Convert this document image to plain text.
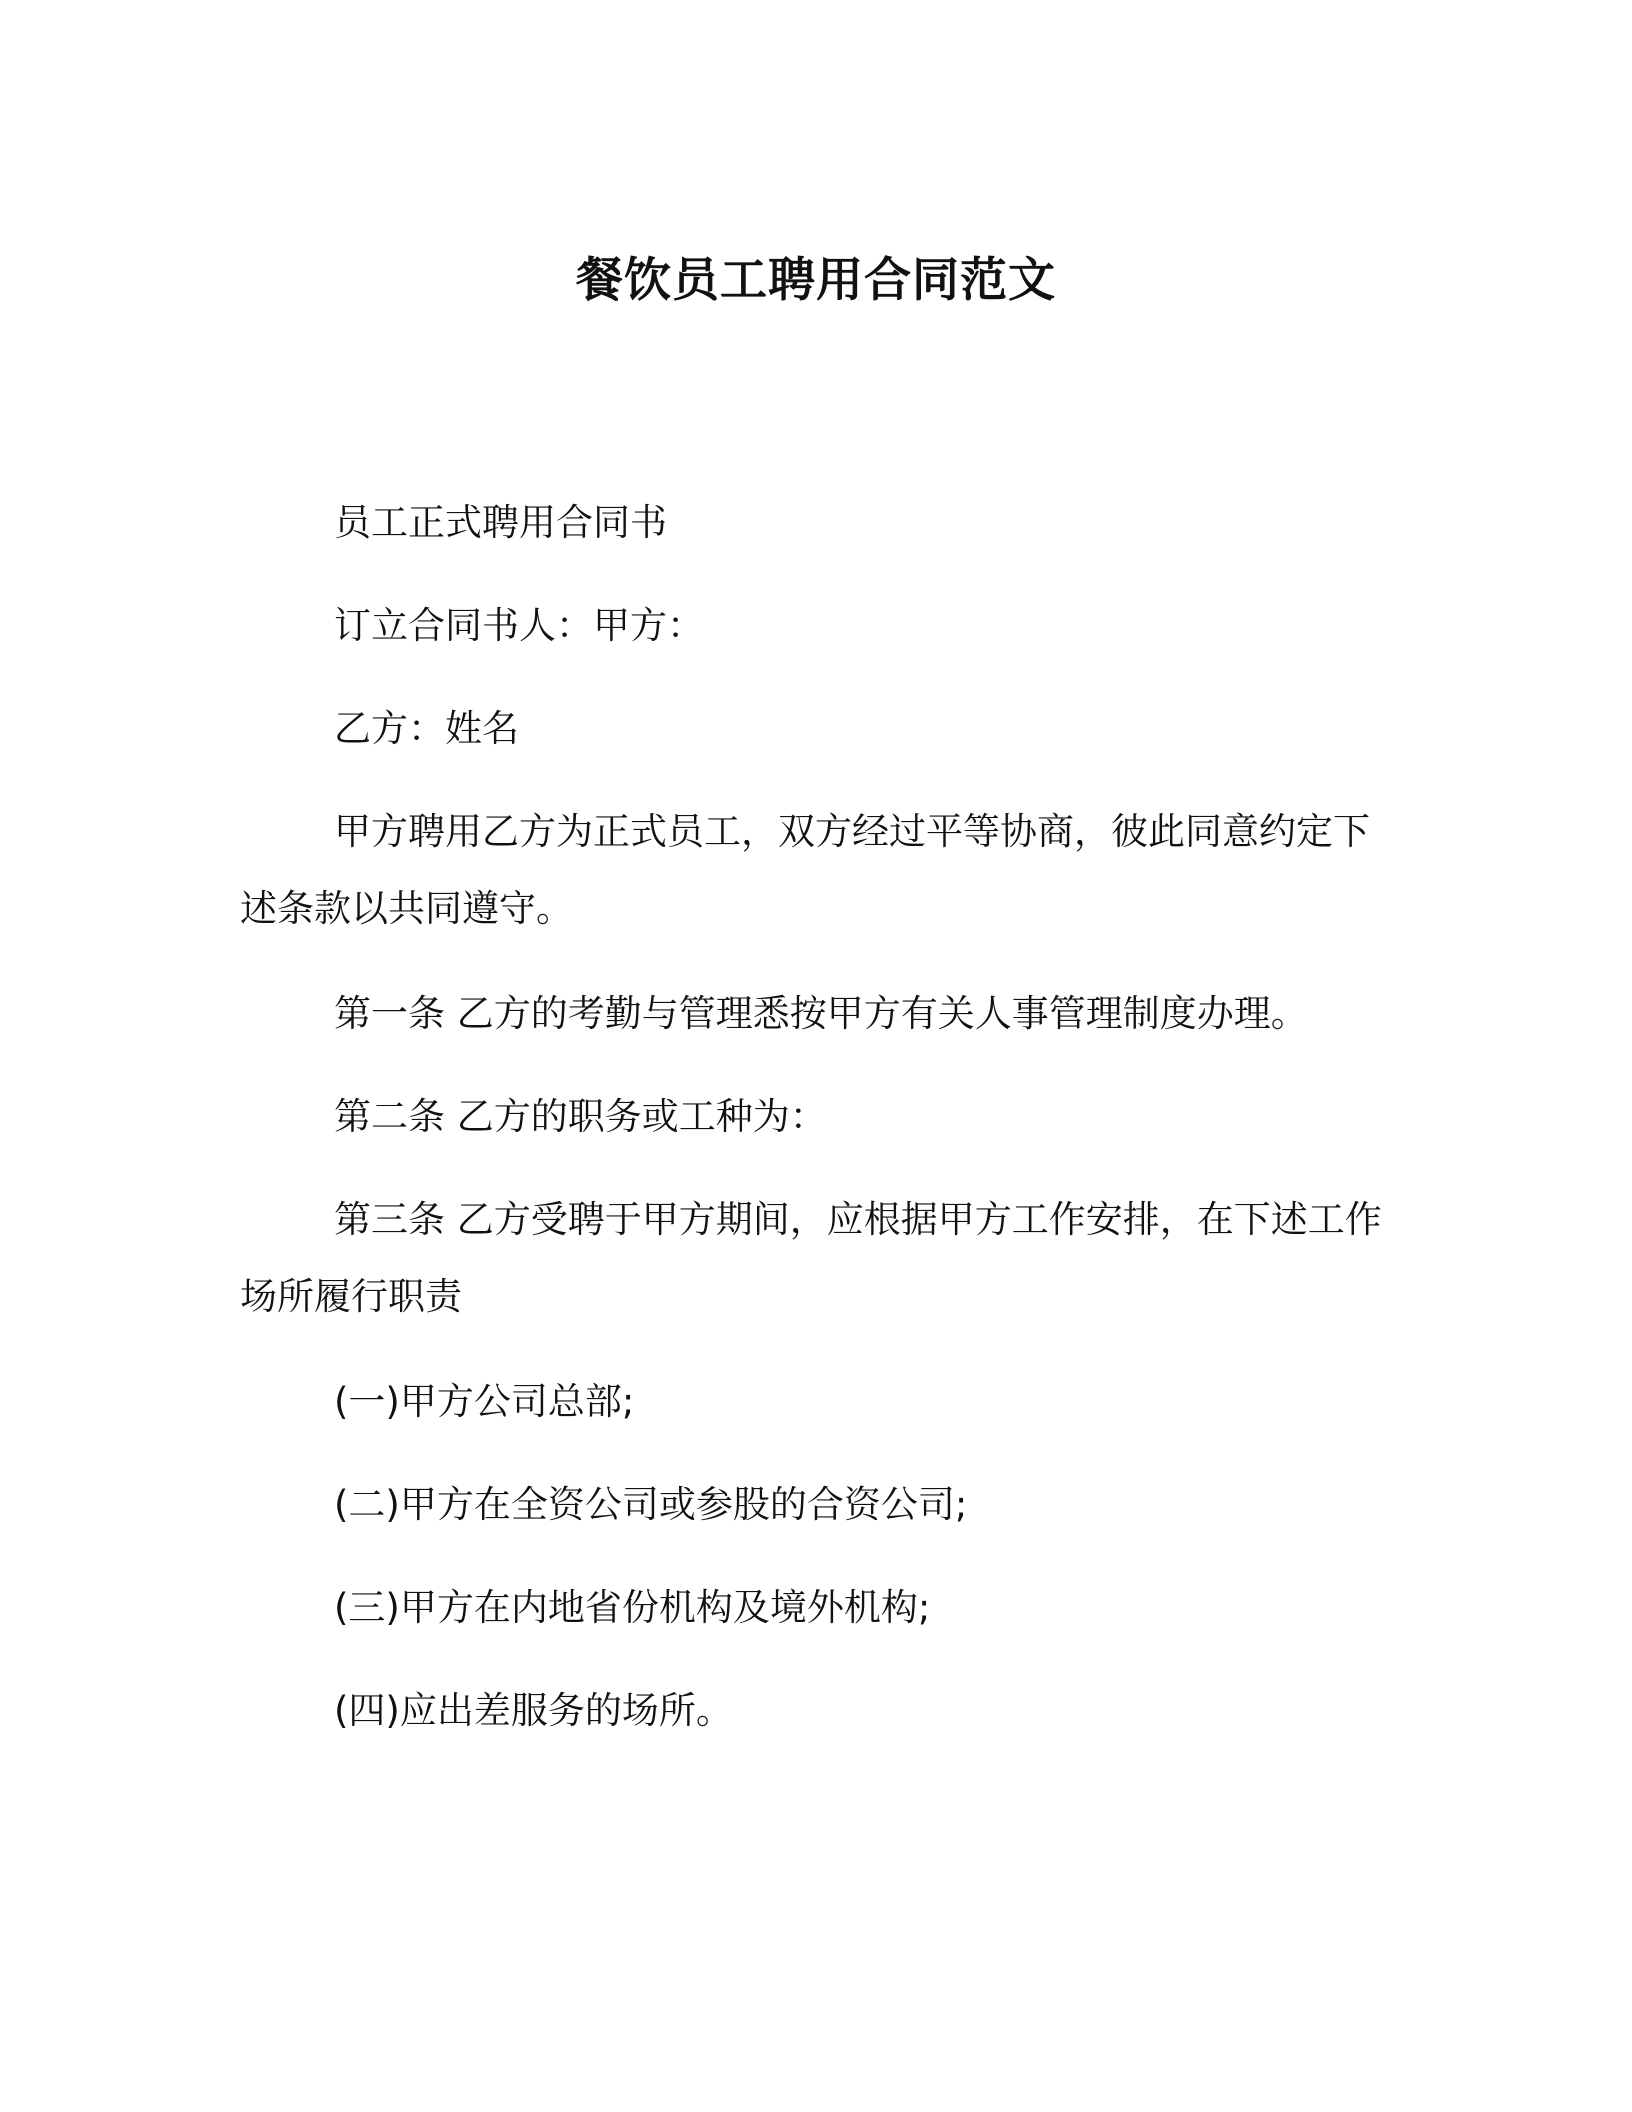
餐饮员工聘用合同范文

员工正式聘用合同书

订立合同书人：甲方：

乙方：姓名

甲方聘用乙方为正式员工，双方经过平等协商，彼此同意约定下述条款以共同遵守。

第一条 乙方的考勤与管理悉按甲方有关人事管理制度办理。

第二条 乙方的职务或工种为：

第三条 乙方受聘于甲方期间，应根据甲方工作安排，在下述工作场所履行职责

(一)甲方公司总部;

(二)甲方在全资公司或参股的合资公司;

(三)甲方在内地省份机构及境外机构;

(四)应出差服务的场所。
